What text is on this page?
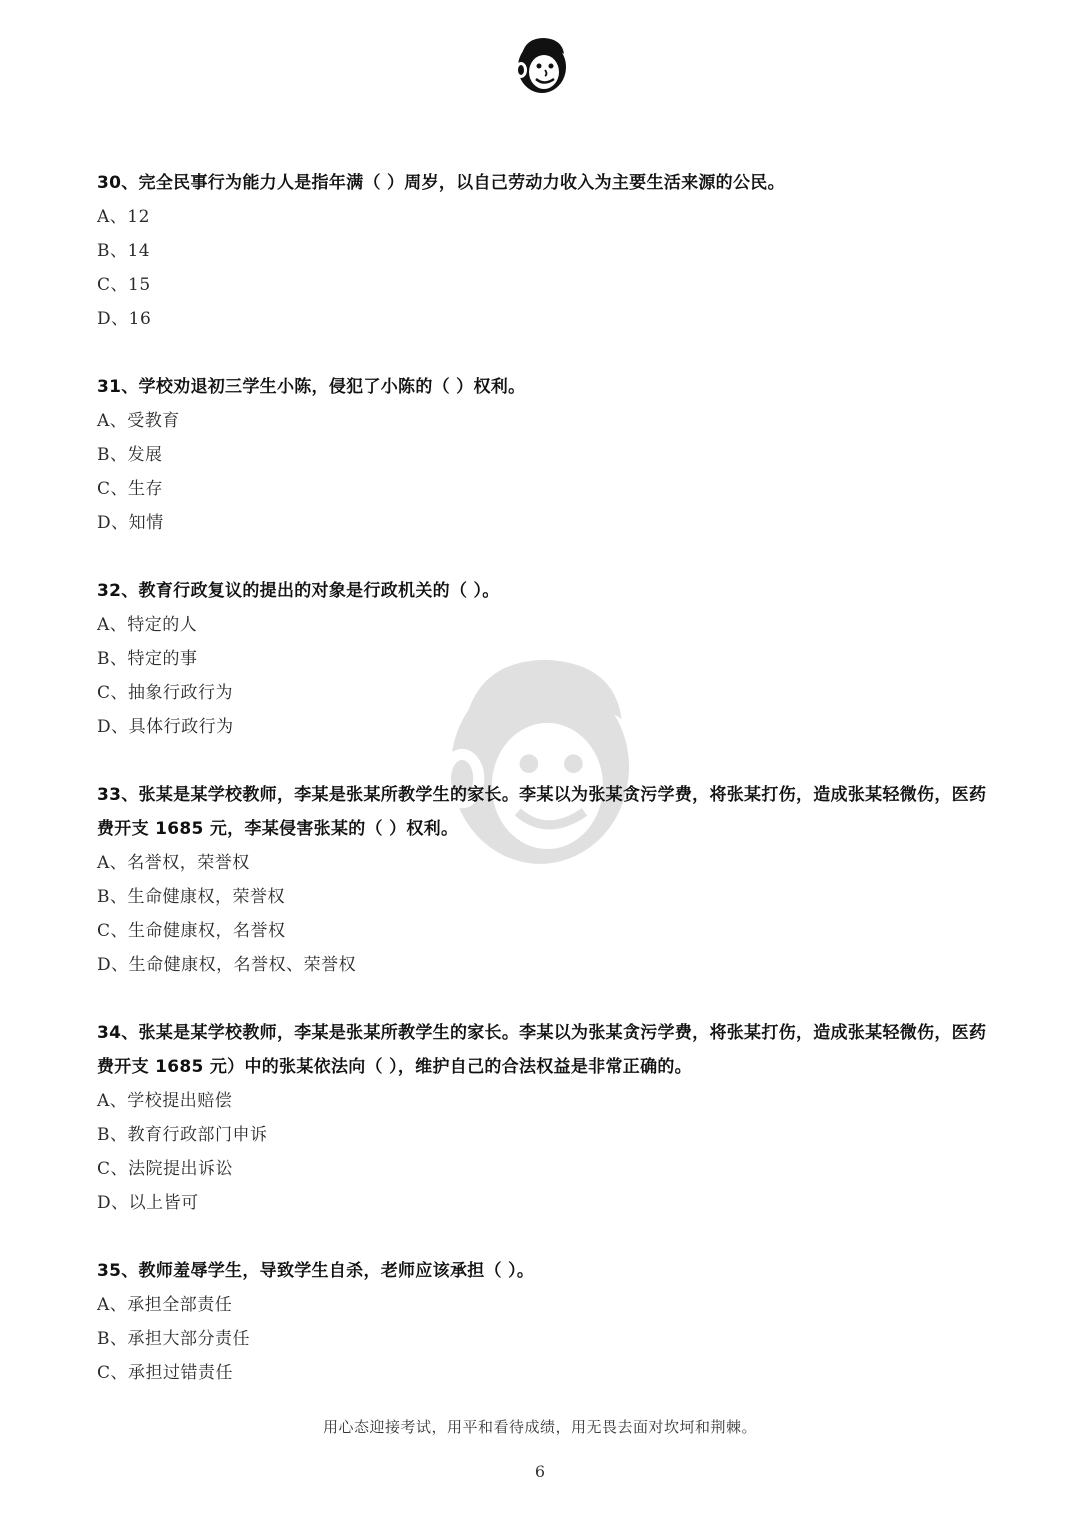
30、完全民事行为能力人是指年满（ ）周岁，以自己劳动力收入为主要生活来源的公民。
A、12
B、14
C、15
D、16
31、学校劝退初三学生小陈，侵犯了小陈的（ ）权利。
A、受教育
B、发展
C、生存
D、知情
32、教育行政复议的提出的对象是行政机关的（ ）。
A、特定的人
B、特定的事
C、抽象行政行为
D、具体行政行为
33、张某是某学校教师，李某是张某所教学生的家长。李某以为张某贪污学费，将张某打伤，造成张某轻微伤，医药费开支 1685 元，李某侵害张某的（ ）权利。
A、名誉权，荣誉权
B、生命健康权，荣誉权
C、生命健康权，名誉权
D、生命健康权，名誉权、荣誉权
34、张某是某学校教师，李某是张某所教学生的家长。李某以为张某贪污学费，将张某打伤，造成张某轻微伤，医药费开支 1685 元）中的张某依法向（ ），维护自己的合法权益是非常正确的。
A、学校提出赔偿
B、教育行政部门申诉
C、法院提出诉讼
D、以上皆可
35、教师羞辱学生，导致学生自杀，老师应该承担（ ）。
A、承担全部责任
B、承担大部分责任
C、承担过错责任
用心态迎接考试，用平和看待成绩，用无畏去面对坎坷和荆棘。
6
